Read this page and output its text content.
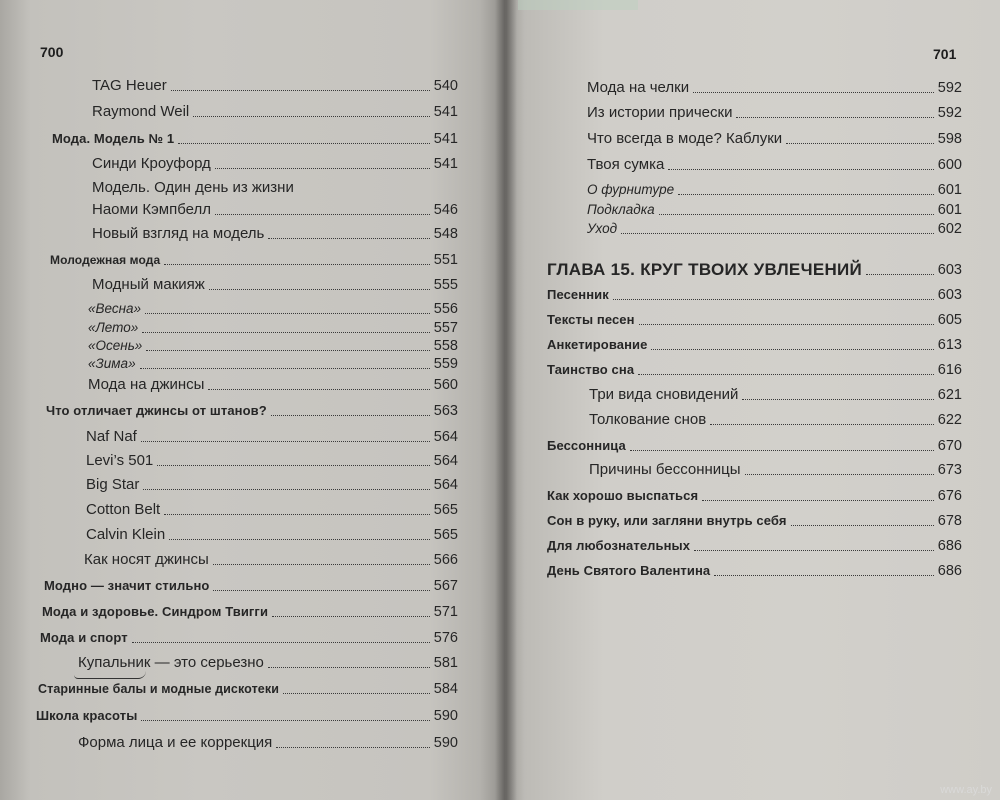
700
TAG Heuer	540
Raymond Weil	541
Мода. Модель № 1	541
Синди Кроуфорд	541
Модель. Один день из жизни
Наоми Кэмпбелл	546
Новый взгляд на модель	548
Молодежная мода	551
Модный макияж	555
«Весна»	556
«Лето»	557
«Осень»	558
«Зима»	559
Мода на джинсы	560
Что отличает джинсы от штанов?	563
Naf Naf	564
Levi’s 501	564
Big Star	564
Cotton Belt	565
Calvin Klein	565
Как носят джинсы	566
Модно — значит стильно	567
Мода и здоровье. Синдром Твигги	571
Мода и спорт	576
Купальник — это серьезно	581
Старинные балы и модные дискотеки	584
Школа красоты	590
Форма лица и ее коррекция	590
701
Мода на челки	592
Из истории прически	592
Что всегда в моде? Каблуки	598
Твоя сумка	600
О фурнитуре	601
Подкладка	601
Уход	602
ГЛАВА 15. КРУГ ТВОИХ УВЛЕЧЕНИЙ	603
Песенник	603
Тексты песен	605
Анкетирование	613
Таинство сна	616
Три вида сновидений	621
Толкование снов	622
Бессонница	670
Причины бессонницы	673
Как хорошо выспаться	676
Сон в руку, или загляни внутрь себя	678
Для любознательных	686
День Святого Валентина	686
www.ay.by
